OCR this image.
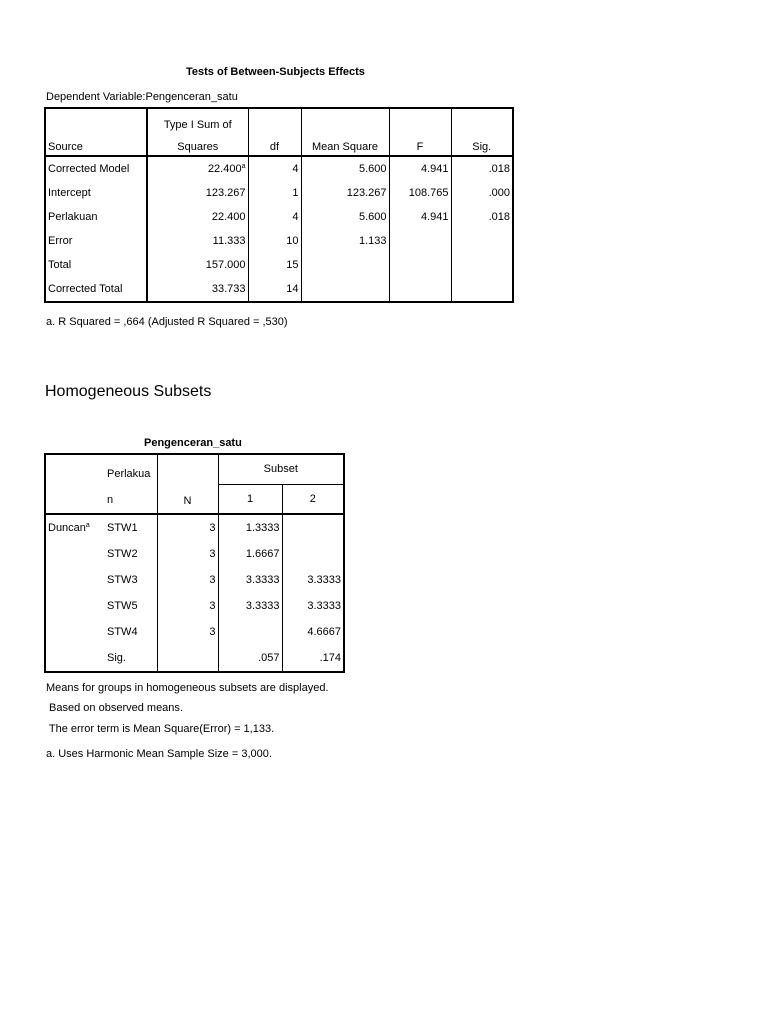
Tests of Between-Subjects Effects
Dependent Variable:Pengenceran_satu
	Type I Sum of				
Source	Squares	df	Mean Square	F	Sig.
Corrected Model	22.400$^a$	4	5.600	4.941	.018
Intercept	123.267	1	123.267	108.765	.000
Perlakuan	22.400	4	5.600	4.941	.018
Error	11.333	10	1.133		
Total	157.000	15			
Corrected Total	33.733	14			
a. R Squared = ,664 (Adjusted R Squared = ,530)
Homogeneous Subsets
Pengenceran_satu
	Perlakua
n	N	Subset	
			1	2
Duncan$^a$	STW1	3	1.3333	
	STW2	3	1.6667	
	STW3	3	3.3333	3.3333
	STW5	3	3.3333	3.3333
	STW4	3		4.6667
	Sig.		.057	.174
Means for groups in homogeneous subsets are displayed.
Based on observed means.
The error term is Mean Square(Error) = 1,133.
a. Uses Harmonic Mean Sample Size = 3,000.
